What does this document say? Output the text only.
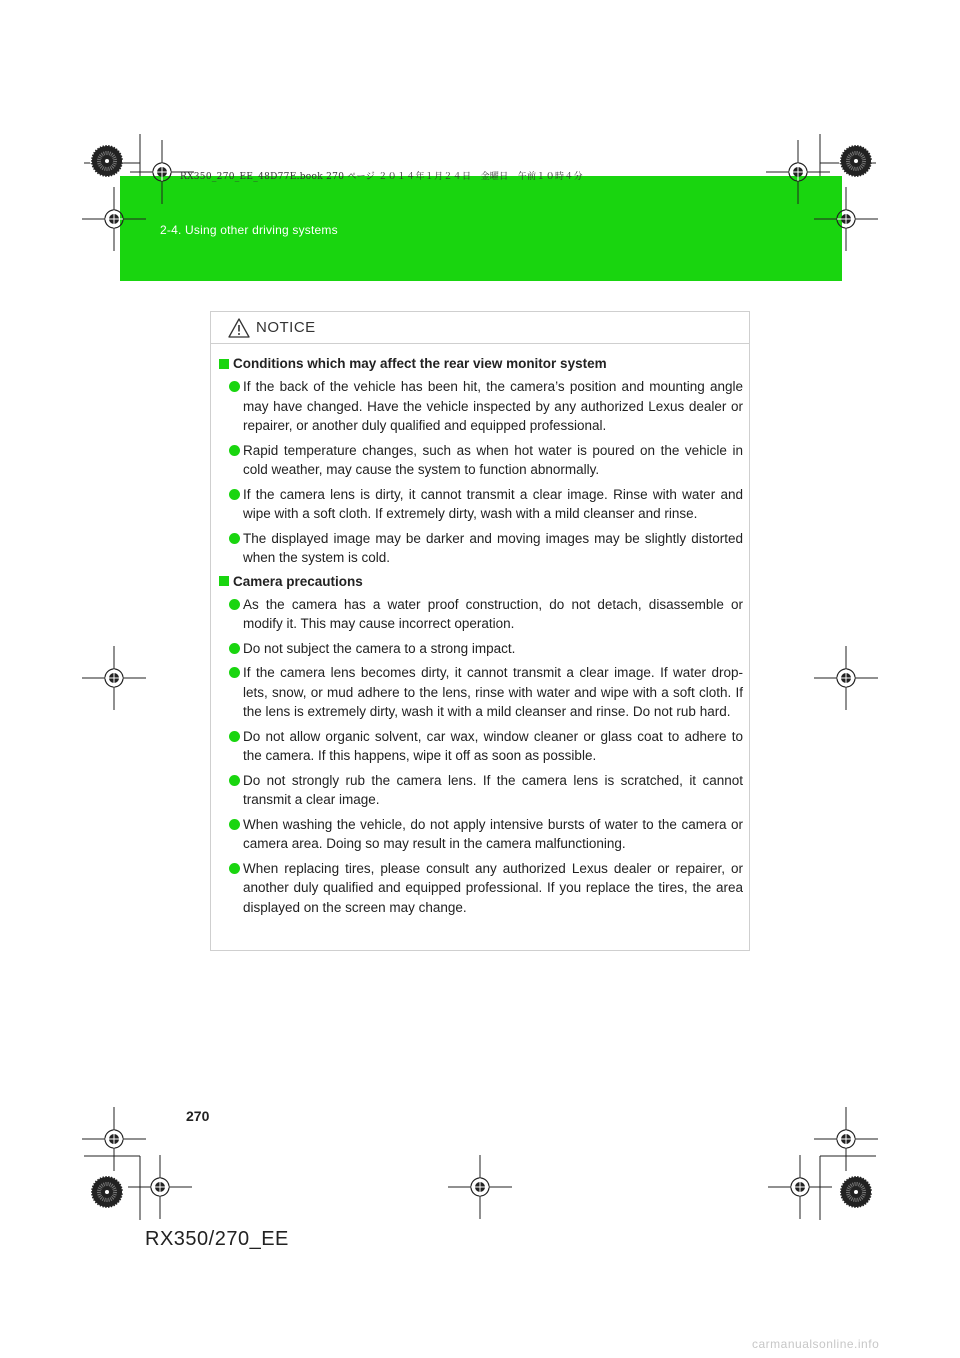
2-4. Using other driving systems
RX350_270_EE_48D77E.book 270 ページ ２０１４年１月２４日　金曜日　午前１０時４分
NOTICE
Conditions which may affect the rear view monitor system
If the back of the vehicle has been hit, the camera’s position and mounting angle may have changed. Have the vehicle inspected by any authorized Lexus dealer or repairer, or another duly qualified and equipped professional.
Rapid temperature changes, such as when hot water is poured on the vehicle in cold weather, may cause the system to function abnormally.
If the camera lens is dirty, it cannot transmit a clear image. Rinse with water and wipe with a soft cloth. If extremely dirty, wash with a mild cleanser and rinse.
The displayed image may be darker and moving images may be slightly distorted when the system is cold.
Camera precautions
As the camera has a water proof construction, do not detach, disassemble or modify it. This may cause incorrect operation.
Do not subject the camera to a strong impact.
If the camera lens becomes dirty, it cannot transmit a clear image. If water drop-lets, snow, or mud adhere to the lens, rinse with water and wipe with a soft cloth. If the lens is extremely dirty, wash it with a mild cleanser and rinse. Do not rub hard.
Do not allow organic solvent, car wax, window cleaner or glass coat to adhere to the camera. If this happens, wipe it off as soon as possible.
Do not strongly rub the camera lens. If the camera lens is scratched, it cannot transmit a clear image.
When washing the vehicle, do not apply intensive bursts of water to the camera or camera area. Doing so may result in the camera malfunctioning.
When replacing tires, please consult any authorized Lexus dealer or repairer, or another duly qualified and equipped professional. If you replace the tires, the area displayed on the screen may change.
270
RX350/270_EE
carmanualsonline.info
